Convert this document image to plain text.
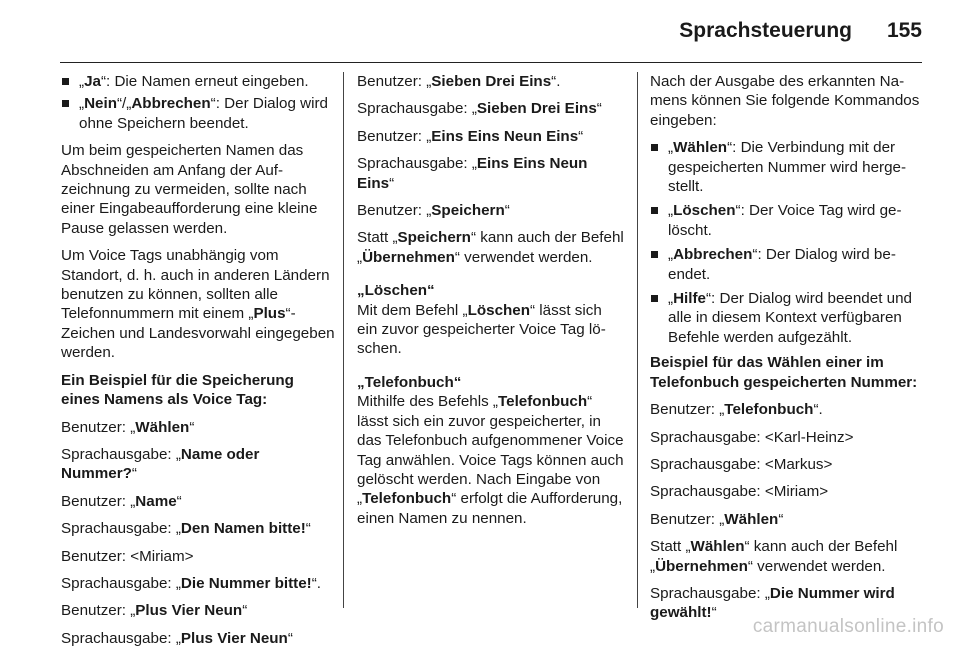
Sprachsteuerung 155
„Ja“: Die Namen erneut eingeben.
„Nein“/„Abbrechen“: Der Dialog wird ohne Speichern beendet.

Um beim gespeicherten Namen das Abschneiden am Anfang der Aufzeichnung zu vermeiden, sollte nach einer Eingabeaufforderung eine kleine Pause gelassen werden.

Um Voice Tags unabhängig vom Standort, d. h. auch in anderen Ländern benutzen zu können, sollten alle Telefonnummern mit einem „Plus“-Zeichen und Landesvorwahl eingegeben werden.

Ein Beispiel für die Speicherung eines Namens als Voice Tag:

Benutzer: „Wählen“

Sprachausgabe: „Name oder Nummer?“

Benutzer: „Name“

Sprachausgabe: „Den Namen bitte!“

Benutzer: <Miriam>

Sprachausgabe: „Die Nummer bitte!“.

Benutzer: „Plus Vier Neun“

Sprachausgabe: „Plus Vier Neun“

Benutzer: „Sieben Drei Eins“.

Sprachausgabe: „Sieben Drei Eins“

Benutzer: „Eins Eins Neun Eins“

Sprachausgabe: „Eins Eins Neun Eins“

Benutzer: „Speichern“

Statt „Speichern“ kann auch der Befehl „Übernehmen“ verwendet werden.

„Löschen“
Mit dem Befehl „Löschen“ lässt sich ein zuvor gespeicherter Voice Tag löschen.
„Telefonbuch“
Mithilfe des Befehls „Telefonbuch“ lässt sich ein zuvor gespeicherter, in das Telefonbuch aufgenommener Voice Tag anwählen. Voice Tags können auch gelöscht werden. Nach Eingabe von „Telefonbuch“ erfolgt die Aufforderung, einen Namen zu nennen.

Nach der Ausgabe des erkannten Namens können Sie folgende Kommandos eingeben:

„Wählen“: Die Verbindung mit der gespeicherten Nummer wird hergestellt.
„Löschen“: Der Voice Tag wird gelöscht.
„Abbrechen“: Der Dialog wird beendet.
„Hilfe“: Der Dialog wird beendet und alle in diesem Kontext verfügbaren Befehle werden aufgezählt.

Beispiel für das Wählen einer im Telefonbuch gespeicherten Nummer:

Benutzer: „Telefonbuch“.

Sprachausgabe: <Karl-Heinz>

Sprachausgabe: <Markus>

Sprachausgabe: <Miriam>

Benutzer: „Wählen“

Statt „Wählen“ kann auch der Befehl „Übernehmen“ verwendet werden.

Sprachausgabe: „Die Nummer wird gewählt!“

carmanualsonline.info
